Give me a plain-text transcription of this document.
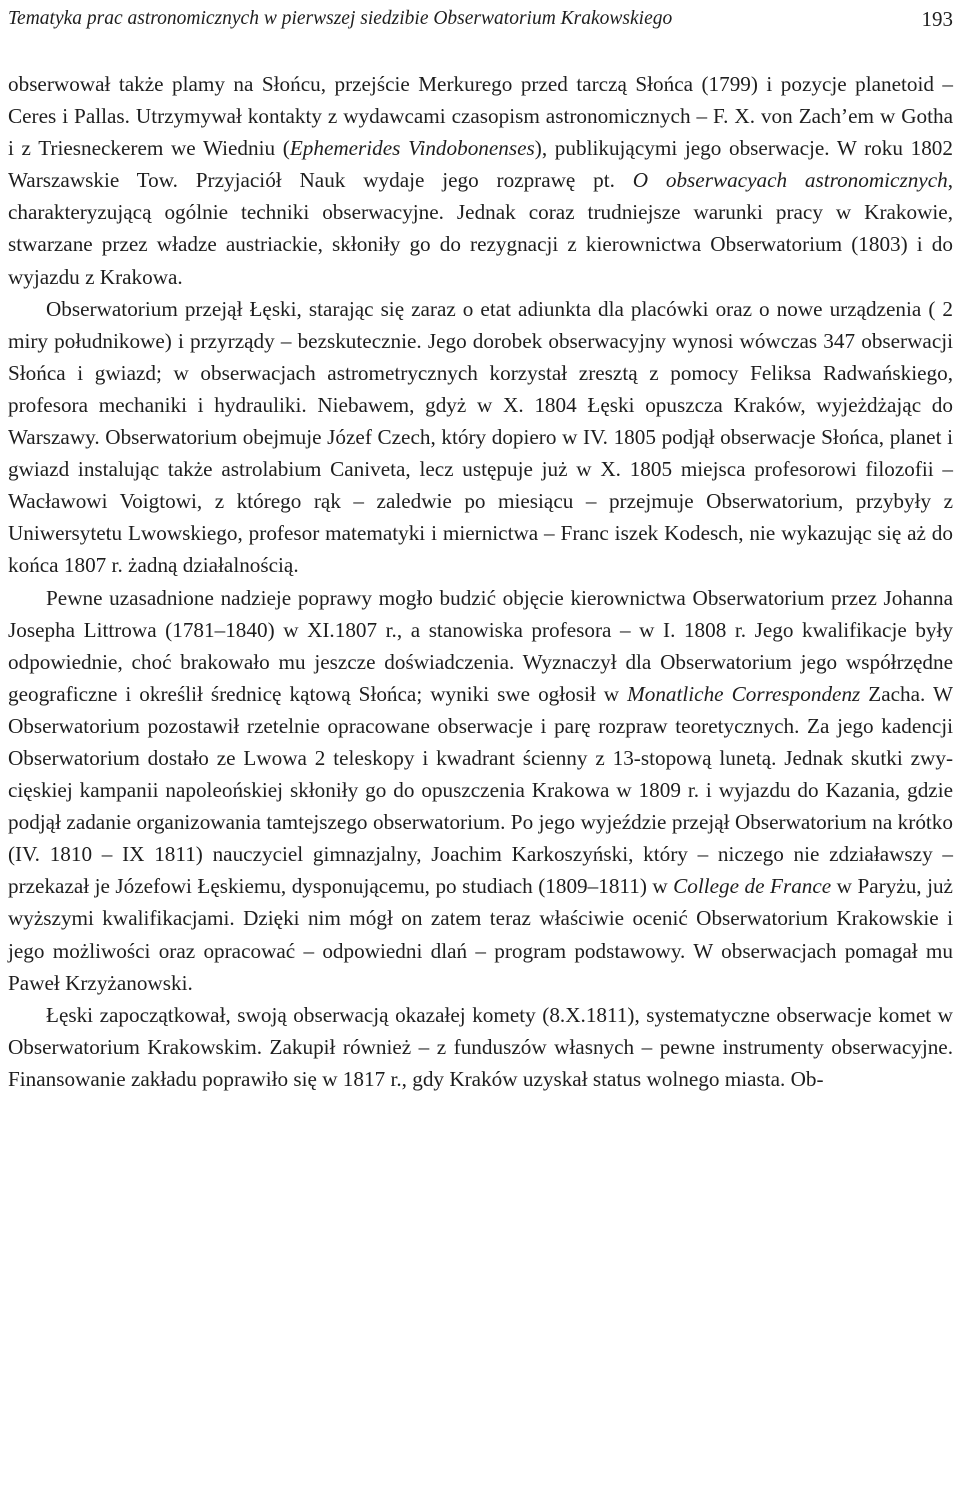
Tematyka prac astronomicznych w pierwszej siedzibie Obserwatorium Krakowskiego	193

obserwował także plamy na Słońcu, przejście Merkurego przed tarczą Słońca (1799) i pozycje planetoid – Ceres i Pallas. Utrzymywał kontakty z wydawcami czasopism astronomicznych – F. X. von Zach’em w Gotha i z Triesneckerem we Wiedniu (Ephemerides Vindobonenses), publikującymi jego obserwacje. W roku 1802 Warszawskie Tow. Przyjaciół Nauk wydaje jego rozprawę pt. O obserwacyach astronomicznych, charakteryzującą ogólnie techniki obserwacyjne. Jednak coraz trudniejsze warunki pracy w Krakowie, stwarzane przez władze austriackie, skłoniły go do rezygnacji z kierownictwa Obserwatorium (1803) i do wyjazdu z Krakowa.

Obserwatorium przejął Łęski, starając się zaraz o etat adiunkta dla placówki oraz o nowe urządzenia ( 2 miry południkowe) i przyrządy – bezskutecznie. Jego dorobek obserwacyjny wynosi wówczas 347 obserwacji Słońca i gwiazd; w obserwacjach astrometrycznych korzystał zresztą z pomocy Feliksa Radwańskiego, profesora mechaniki i hydrauliki. Niebawem, gdyż w X. 1804 Łęski opuszcza Kraków, wyjeżdżając do Warszawy. Obserwatorium obejmuje Józef Czech, który dopiero w IV. 1805 podjął obserwacje Słońca, planet i gwiazd instalując także astrolabium Caniveta, lecz ustępuje już w X. 1805 miejsca profesorowi filozofii – Wacławowi Voigtowi, z którego rąk – zaledwie po miesiącu – przejmuje Obserwatorium, przybyły z Uniwersytetu Lwowskiego, profesor matematyki i miernictwa – Franc iszek Kodesch, nie wykazując się aż do końca 1807 r. żadną działalnością.

Pewne uzasadnione nadzieje poprawy mogło budzić objęcie kierownictwa Obserwatorium przez Johanna Josepha Littrowa (1781–1840) w XI.1807 r., a stanowiska profesora – w I. 1808 r. Jego kwalifikacje były odpowiednie, choć brakowało mu jeszcze doświadczenia. Wyznaczył dla Obserwatorium jego współrzędne geograficzne i określił średnicę kątową Słońca; wyniki swe ogłosił w Monatliche Correspondenz Zacha. W Obserwatorium pozostawił rzetelnie opracowane obserwacje i parę rozpraw teoretycznych. Za jego kadencji Obserwatorium dostało ze Lwowa 2 teleskopy i kwadrant ścienny z 13-stopową lunetą. Jednak skutki zwycięskiej kampanii napoleońskiej skłoniły go do opuszczenia Krakowa w 1809 r. i wyjazdu do Kazania, gdzie podjął zadanie organizowania tamtejszego obserwatorium. Po jego wyjeździe przejął Obserwatorium na krótko (IV. 1810 – IX 1811) nauczyciel gimnazjalny, Joachim Karkoszyński, który – niczego nie zdziaławszy – przekazał je Józefowi Łęskiemu, dysponującemu, po studiach (1809–1811) w College de France w Paryżu, już wyższymi kwalifikacjami. Dzięki nim mógł on zatem teraz właściwie ocenić Obserwatorium Krakowskie i jego możliwości oraz opracować – odpowiedni dlań – program podstawowy. W obserwacjach pomagał mu Paweł Krzyżanowski.

Łęski zapoczątkował, swoją obserwacją okazałej komety (8.X.1811), systematyczne obserwacje komet w Obserwatorium Krakowskim. Zakupił również – z funduszów własnych – pewne instrumenty obserwacyjne. Finansowanie zakładu poprawiło się w 1817 r., gdy Kraków uzyskał status wolnego miasta. Ob-
